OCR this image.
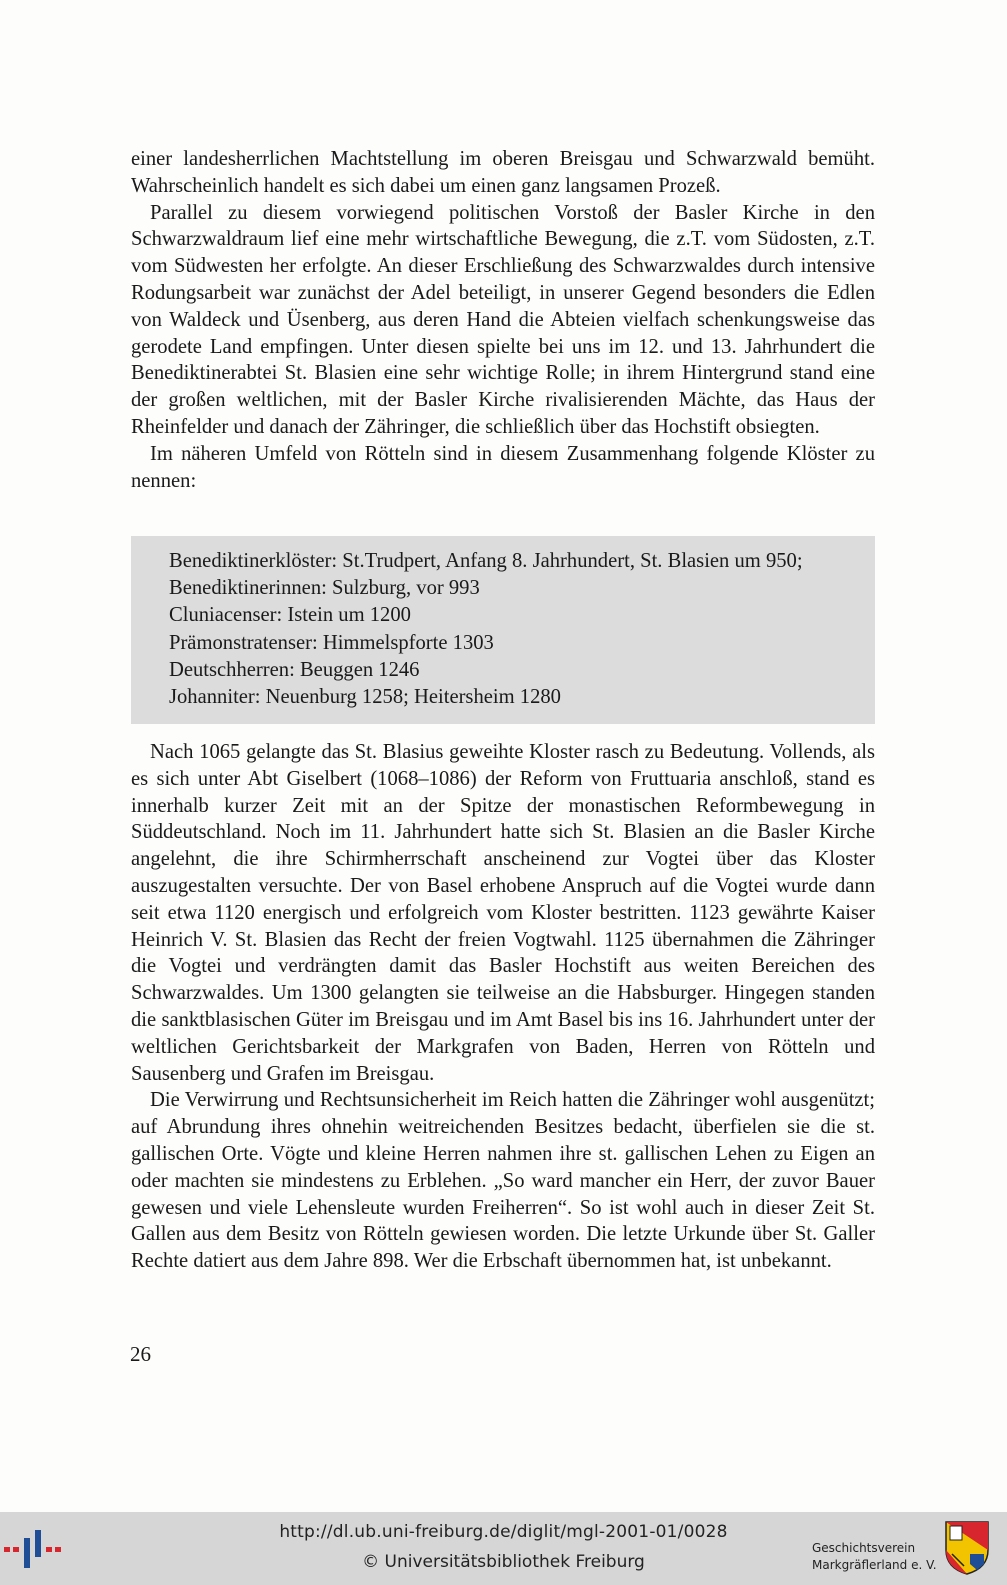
einer landesherrlichen Machtstellung im oberen Breisgau und Schwarzwald bemüht. Wahrscheinlich handelt es sich dabei um einen ganz langsamen Prozeß.

Parallel zu diesem vorwiegend politischen Vorstoß der Basler Kirche in den Schwarzwaldraum lief eine mehr wirtschaftliche Bewegung, die z.T. vom Südosten, z.T. vom Südwesten her erfolgte. An dieser Erschließung des Schwarzwaldes durch intensive Rodungsarbeit war zunächst der Adel beteiligt, in unserer Gegend besonders die Edlen von Waldeck und Üsenberg, aus deren Hand die Abteien vielfach schenkungsweise das gerodete Land empfingen. Unter diesen spielte bei uns im 12. und 13. Jahrhundert die Benediktinerabtei St. Blasien eine sehr wichtige Rolle; in ihrem Hintergrund stand eine der großen weltlichen, mit der Basler Kirche rivalisierenden Mächte, das Haus der Rheinfelder und danach der Zähringer, die schließlich über das Hochstift obsiegten.

Im näheren Umfeld von Rötteln sind in diesem Zusammenhang folgende Klöster zu nennen:

Benediktinerklöster: St.Trudpert, Anfang 8. Jahrhundert, St. Blasien um 950;
Benediktinerinnen: Sulzburg, vor 993
Cluniacenser: Istein um 1200
Prämonstratenser: Himmelspforte 1303
Deutschherren: Beuggen 1246
Johanniter: Neuenburg 1258; Heitersheim 1280

Nach 1065 gelangte das St. Blasius geweihte Kloster rasch zu Bedeutung. Vollends, als es sich unter Abt Giselbert (1068–1086) der Reform von Fruttuaria anschloß, stand es innerhalb kurzer Zeit mit an der Spitze der monastischen Reformbewegung in Süddeutschland. Noch im 11. Jahrhundert hatte sich St. Blasien an die Basler Kirche angelehnt, die ihre Schirmherrschaft anscheinend zur Vogtei über das Kloster auszugestalten versuchte. Der von Basel erhobene Anspruch auf die Vogtei wurde dann seit etwa 1120 energisch und erfolgreich vom Kloster bestritten. 1123 gewährte Kaiser Heinrich V. St. Blasien das Recht der freien Vogtwahl. 1125 übernahmen die Zähringer die Vogtei und verdrängten damit das Basler Hochstift aus weiten Bereichen des Schwarzwaldes. Um 1300 gelangten sie teilweise an die Habsburger. Hingegen standen die sanktblasischen Güter im Breisgau und im Amt Basel bis ins 16. Jahrhundert unter der weltlichen Gerichtsbarkeit der Markgrafen von Baden, Herren von Rötteln und Sausenberg und Grafen im Breisgau.

Die Verwirrung und Rechtsunsicherheit im Reich hatten die Zähringer wohl ausgenützt; auf Abrundung ihres ohnehin weitreichenden Besitzes bedacht, überfielen sie die st. gallischen Orte. Vögte und kleine Herren nahmen ihre st. gallischen Lehen zu Eigen an oder machten sie mindestens zu Erblehen. „So ward mancher ein Herr, der zuvor Bauer gewesen und viele Lehensleute wurden Freiherren“. So ist wohl auch in dieser Zeit St. Gallen aus dem Besitz von Rötteln gewiesen worden. Die letzte Urkunde über St. Galler Rechte datiert aus dem Jahre 898. Wer die Erbschaft übernommen hat, ist unbekannt.

26
http://dl.ub.uni-freiburg.de/diglit/mgl-2001-01/0028
© Universitätsbibliothek Freiburg
Geschichtsverein
Markgräflerland e. V.
